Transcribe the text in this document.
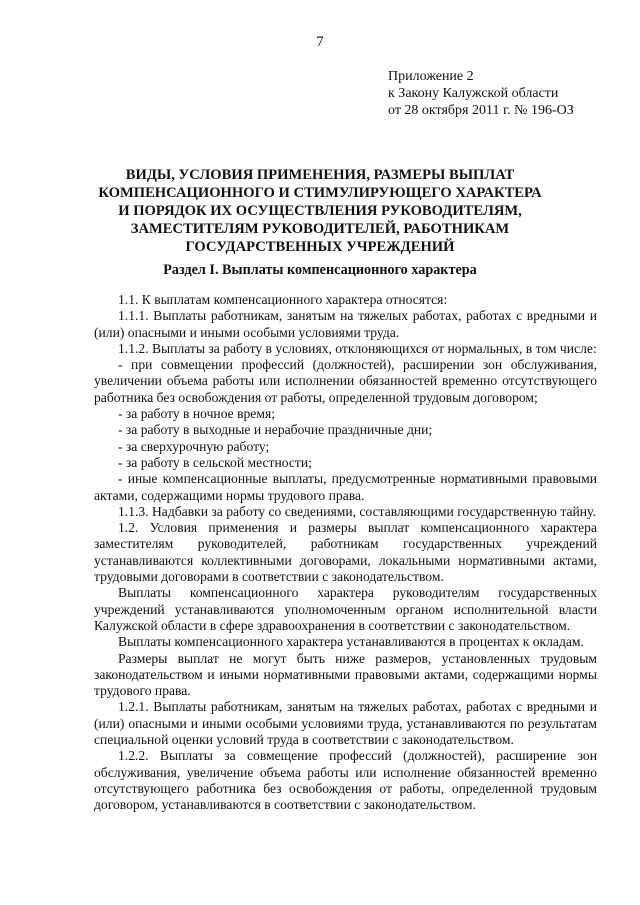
7
Приложение 2
к Закону Калужской области
от 28 октября 2011 г. № 196-ОЗ
ВИДЫ, УСЛОВИЯ ПРИМЕНЕНИЯ, РАЗМЕРЫ ВЫПЛАТ
КОМПЕНСАЦИОННОГО И СТИМУЛИРУЮЩЕГО ХАРАКТЕРА
И ПОРЯДОК ИХ ОСУЩЕСТВЛЕНИЯ РУКОВОДИТЕЛЯМ,
ЗАМЕСТИТЕЛЯМ РУКОВОДИТЕЛЕЙ, РАБОТНИКАМ
ГОСУДАРСТВЕННЫХ УЧРЕЖДЕНИЙ
Раздел I. Выплаты компенсационного характера

1.1. К выплатам компенсационного характера относятся:

1.1.1. Выплаты работникам, занятым на тяжелых работах, работах с вредными и (или) опасными и иными особыми условиями труда.

1.1.2. Выплаты за работу в условиях, отклоняющихся от нормальных, в том числе:

- при совмещении профессий (должностей), расширении зон обслуживания, увеличении объема работы или исполнении обязанностей временно отсутствующего работника без освобождения от работы, определенной трудовым договором;

- за работу в ночное время;

- за работу в выходные и нерабочие праздничные дни;

- за сверхурочную работу;

- за работу в сельской местности;

- иные компенсационные выплаты, предусмотренные нормативными правовыми актами, содержащими нормы трудового права.

1.1.3. Надбавки за работу со сведениями, составляющими государственную тайну.

1.2. Условия применения и размеры выплат компенсационного характера заместителям руководителей, работникам государственных учреждений устанавливаются коллективными договорами, локальными нормативными актами, трудовыми договорами в соответствии с законодательством.

Выплаты компенсационного характера руководителям государственных учреждений устанавливаются уполномоченным органом исполнительной власти Калужской области в сфере здравоохранения в соответствии с законодательством.

Выплаты компенсационного характера устанавливаются в процентах к окладам.

Размеры выплат не могут быть ниже размеров, установленных трудовым законодательством и иными нормативными правовыми актами, содержащими нормы трудового права.

1.2.1. Выплаты работникам, занятым на тяжелых работах, работах с вредными и (или) опасными и иными особыми условиями труда, устанавливаются по результатам специальной оценки условий труда в соответствии с законодательством.

1.2.2. Выплаты за совмещение профессий (должностей), расширение зон обслуживания, увеличение объема работы или исполнение обязанностей временно отсутствующего работника без освобождения от работы, определенной трудовым договором, устанавливаются в соответствии с законодательством.
